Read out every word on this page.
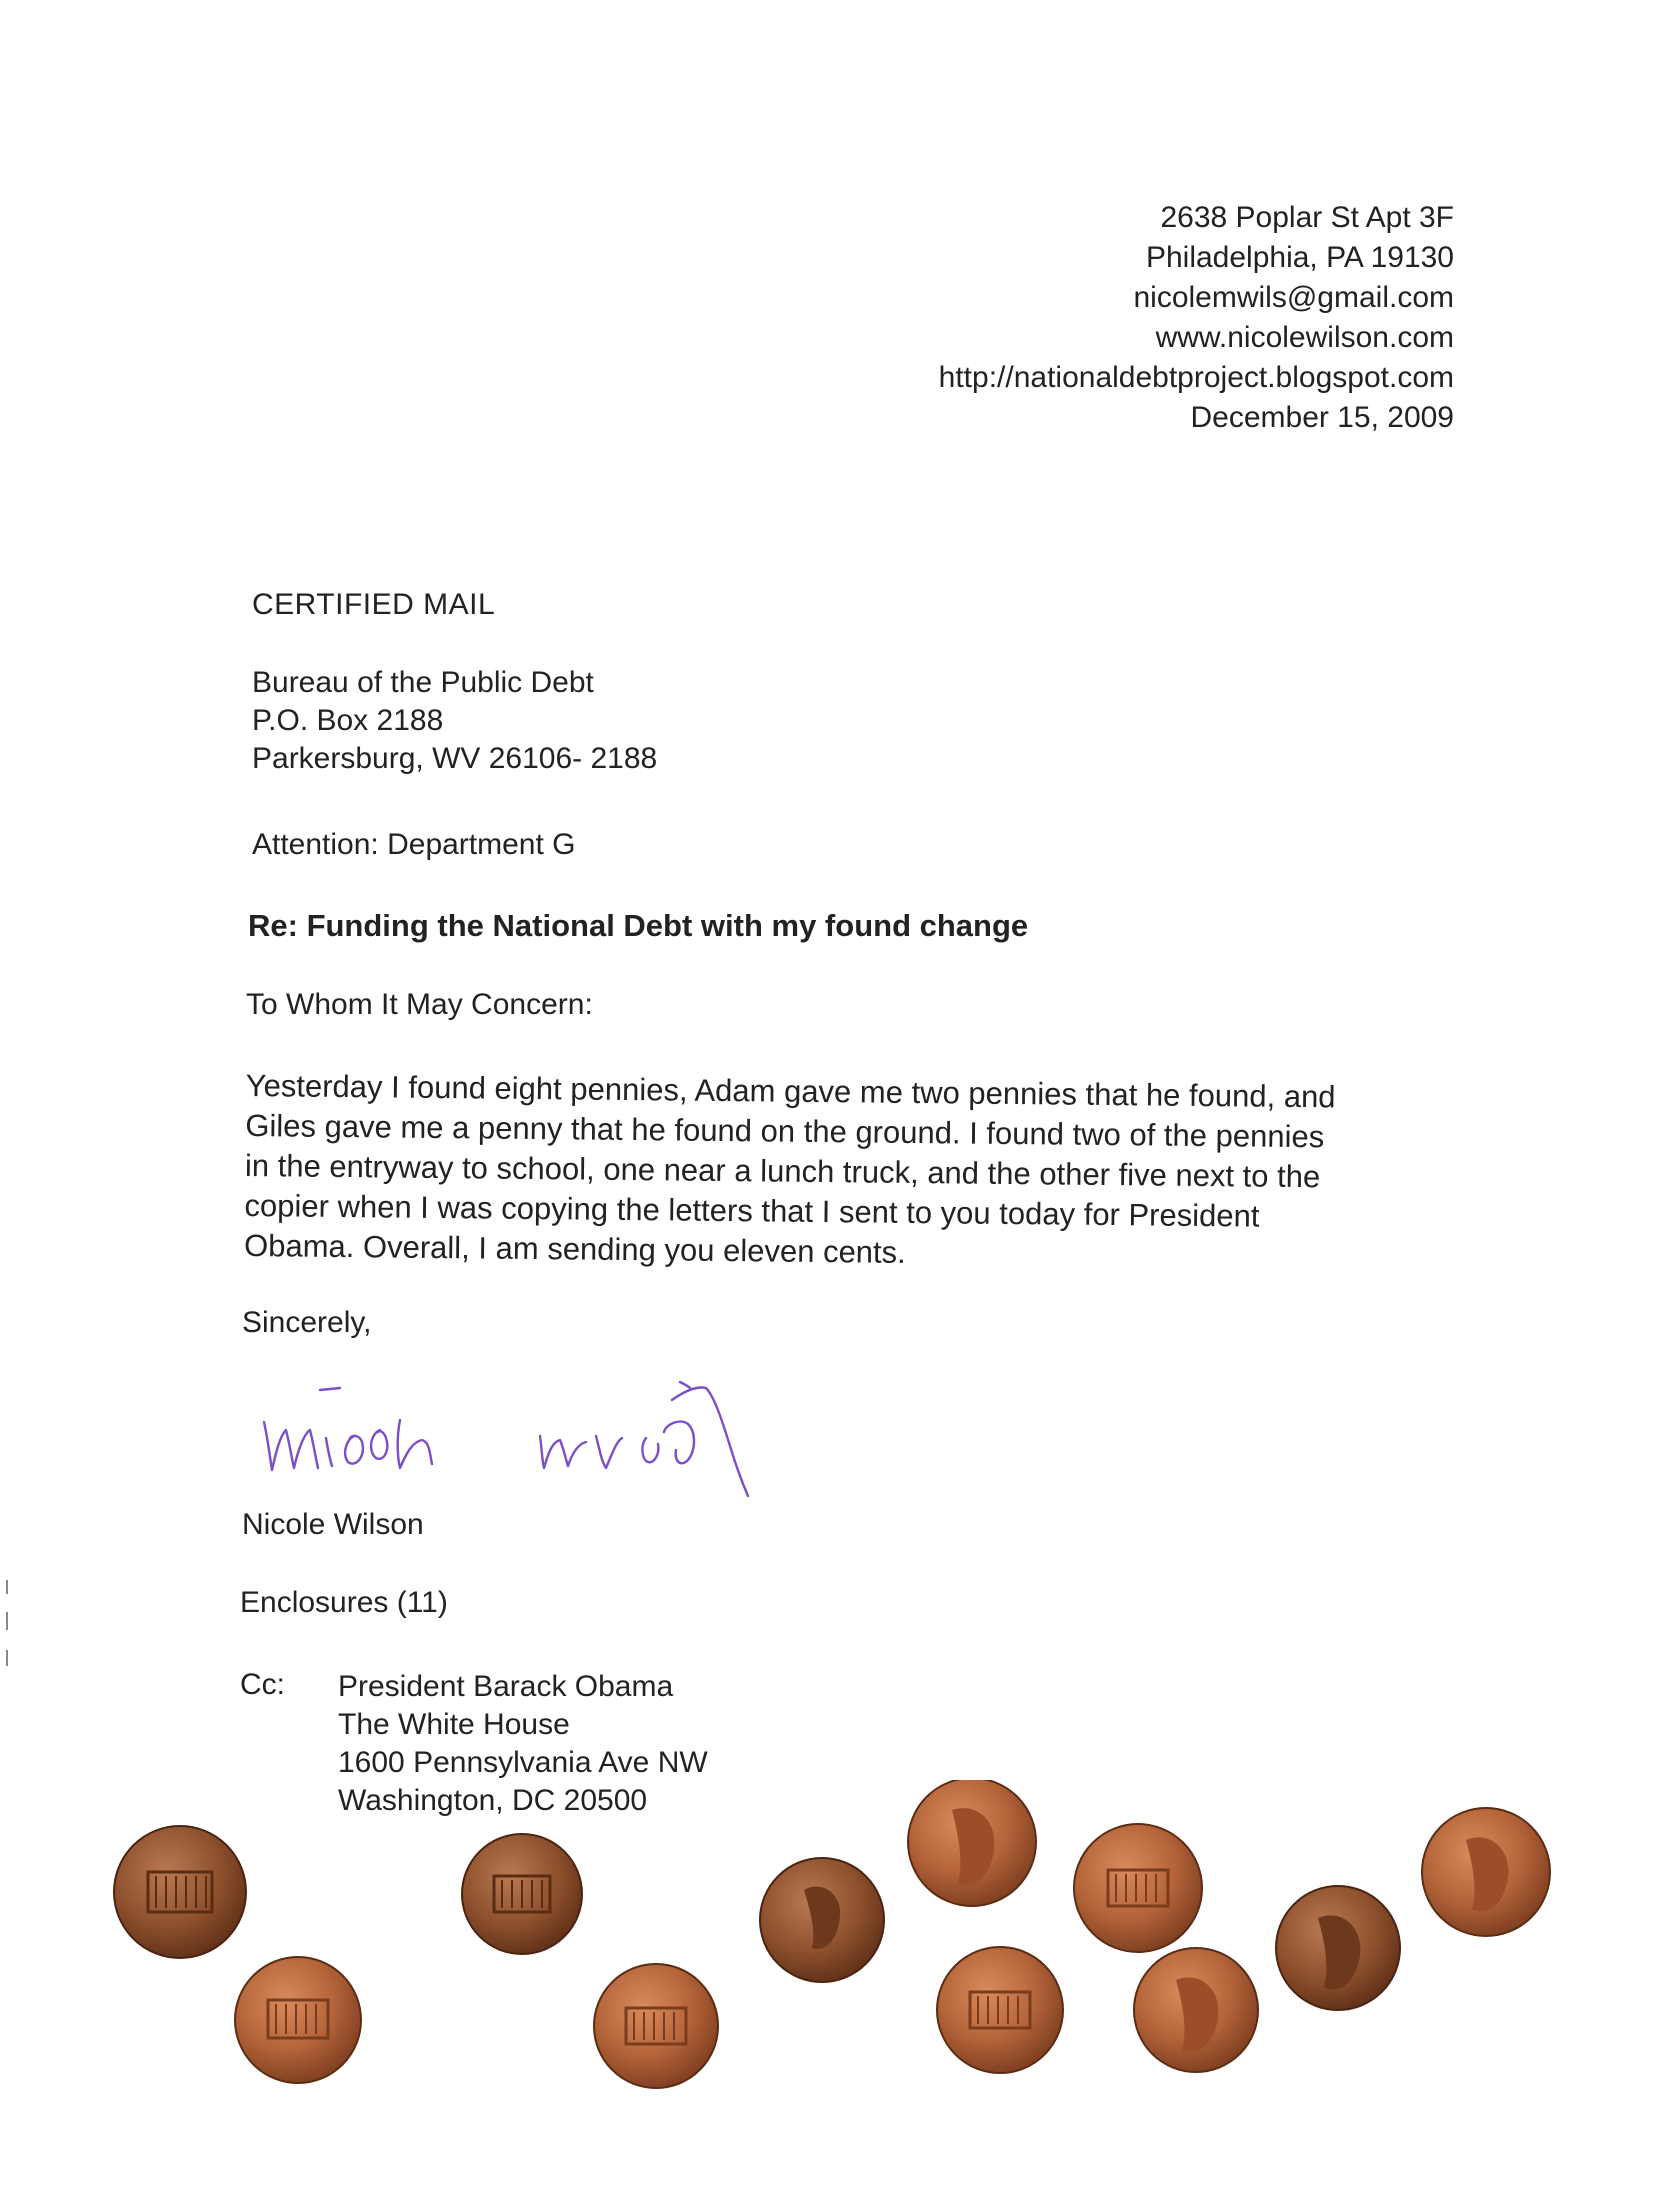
2638 Poplar St Apt 3F
Philadelphia, PA 19130
nicolemwils@gmail.com
www.nicolewilson.com
http://nationaldebtproject.blogspot.com
December 15, 2009
CERTIFIED MAIL
Bureau of the Public Debt
P.O. Box 2188
Parkersburg, WV 26106- 2188
Attention: Department G
Re: Funding the National Debt with my found change
To Whom It May Concern:
Yesterday I found eight pennies, Adam gave me two pennies that he found, and
Giles gave me a penny that he found on the ground. I found two of the pennies
in the entryway to school, one near a lunch truck, and the other five next to the
copier when I was copying the letters that I sent to you today for President
Obama. Overall, I am sending you eleven cents.
Sincerely,
Nicole Wilson
Enclosures (11)
Cc: President Barack Obama
The White House
1600 Pennsylvania Ave NW
Washington, DC 20500
